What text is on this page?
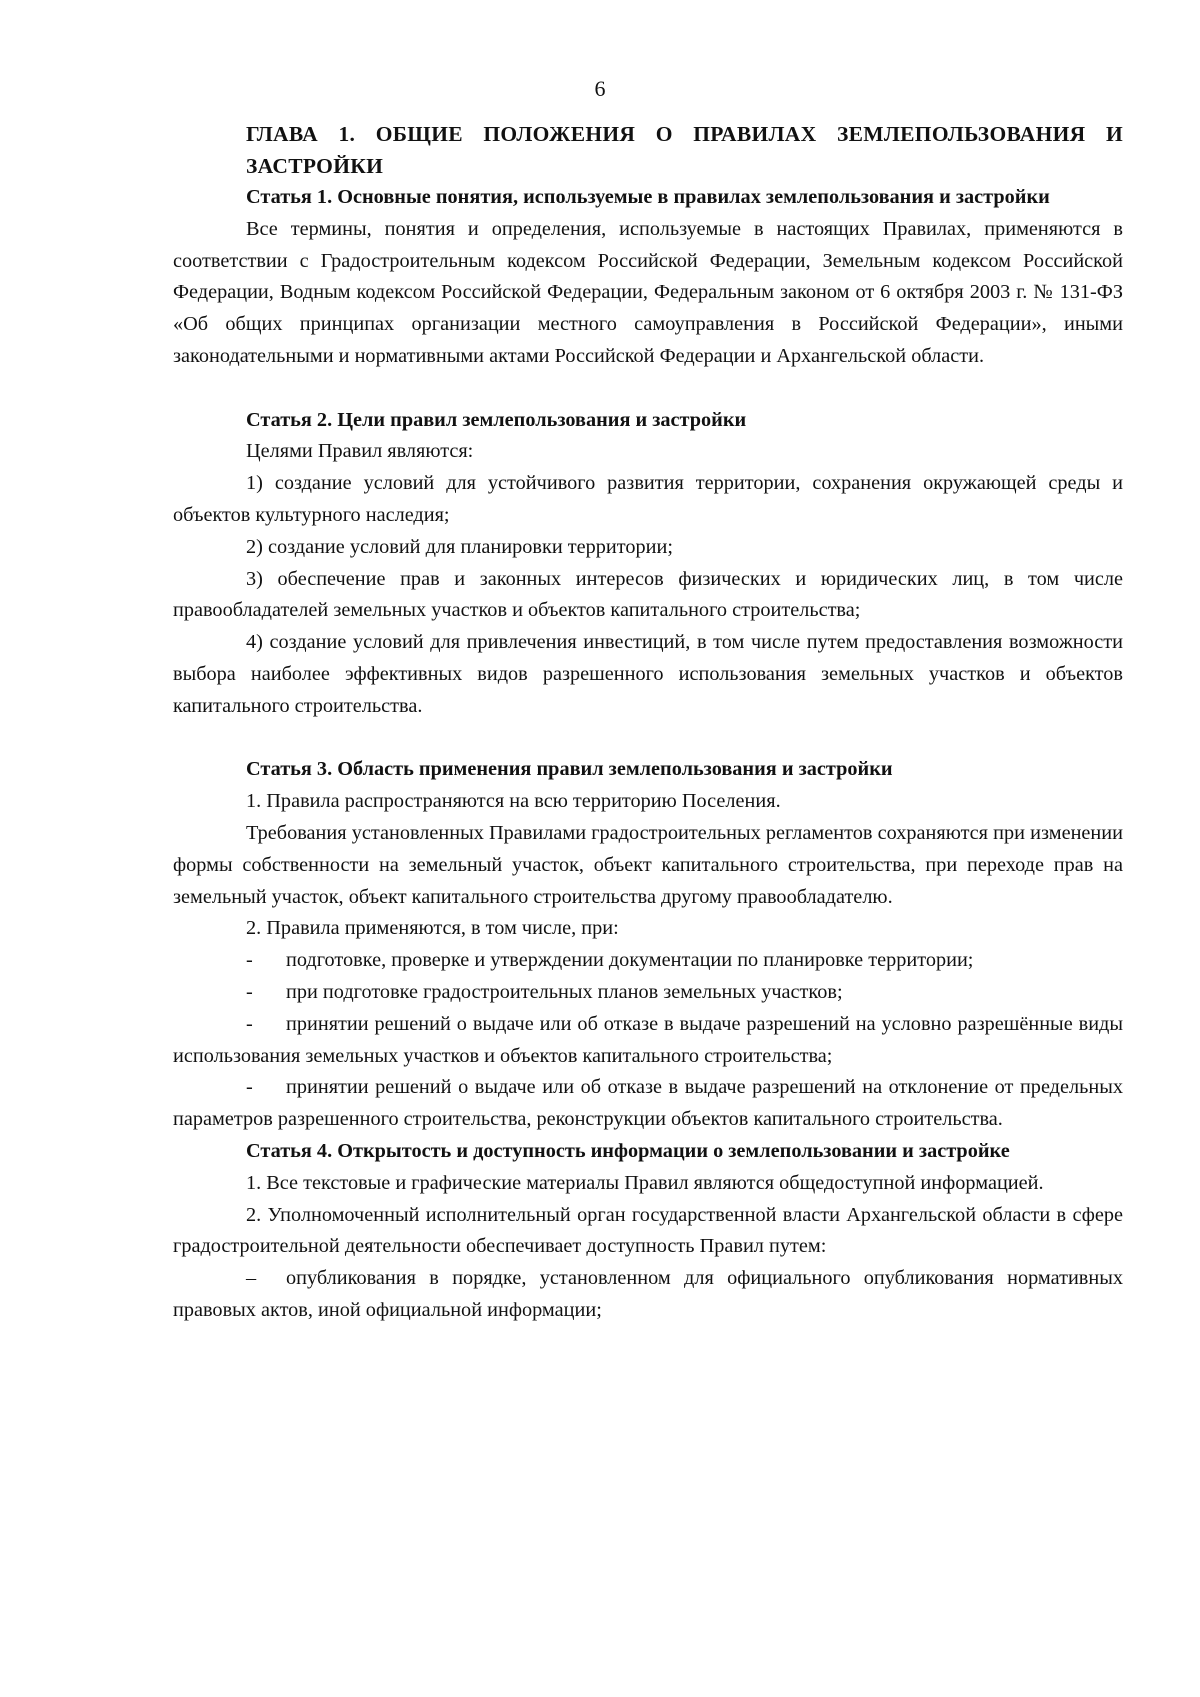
6

ГЛАВА 1. ОБЩИЕ ПОЛОЖЕНИЯ О ПРАВИЛАХ ЗЕМЛЕПОЛЬЗОВАНИЯ И ЗАСТРОЙКИ

Статья 1. Основные понятия, используемые в правилах землепользования и застройки

Все термины, понятия и определения, используемые в настоящих Правилах, применяются в соответствии с Градостроительным кодексом Российской Федерации, Земельным кодексом Российской Федерации, Водным кодексом Российской Федерации, Федеральным законом от 6 октября 2003 г. № 131-ФЗ «Об общих принципах организации местного самоуправления в Российской Федерации», иными законодательными и нормативными актами Российской Федерации и Архангельской области.

Статья 2. Цели правил землепользования и застройки

Целями Правил являются:

1) создание условий для устойчивого развития территории, сохранения окружающей среды и объектов культурного наследия;

2) создание условий для планировки территории;

3) обеспечение прав и законных интересов физических и юридических лиц, в том числе правообладателей земельных участков и объектов капитального строительства;

4) создание условий для привлечения инвестиций, в том числе путем предоставления возможности выбора наиболее эффективных видов разрешенного использования земельных участков и объектов капитального строительства.

Статья 3. Область применения правил землепользования и застройки

1. Правила распространяются на всю территорию Поселения.

Требования установленных Правилами градостроительных регламентов сохраняются при изменении формы собственности на земельный участок, объект капитального строительства, при переходе прав на земельный участок, объект капитального строительства другому правообладателю.

2. Правила применяются, в том числе, при:

- подготовке, проверке и утверждении документации по планировке территории;

- при подготовке градостроительных планов земельных участков;

- принятии решений о выдаче или об отказе в выдаче разрешений на условно разрешённые виды использования земельных участков и объектов капитального строительства;

- принятии решений о выдаче или об отказе в выдаче разрешений на отклонение от предельных параметров разрешенного строительства, реконструкции объектов капитального строительства.

Статья 4. Открытость и доступность информации о землепользовании и застройке

1. Все текстовые и графические материалы Правил являются общедоступной информацией.

2. Уполномоченный исполнительный орган государственной власти Архангельской области в сфере градостроительной деятельности обеспечивает доступность Правил путем:

– опубликования в порядке, установленном для официального опубликования нормативных правовых актов, иной официальной информации;
